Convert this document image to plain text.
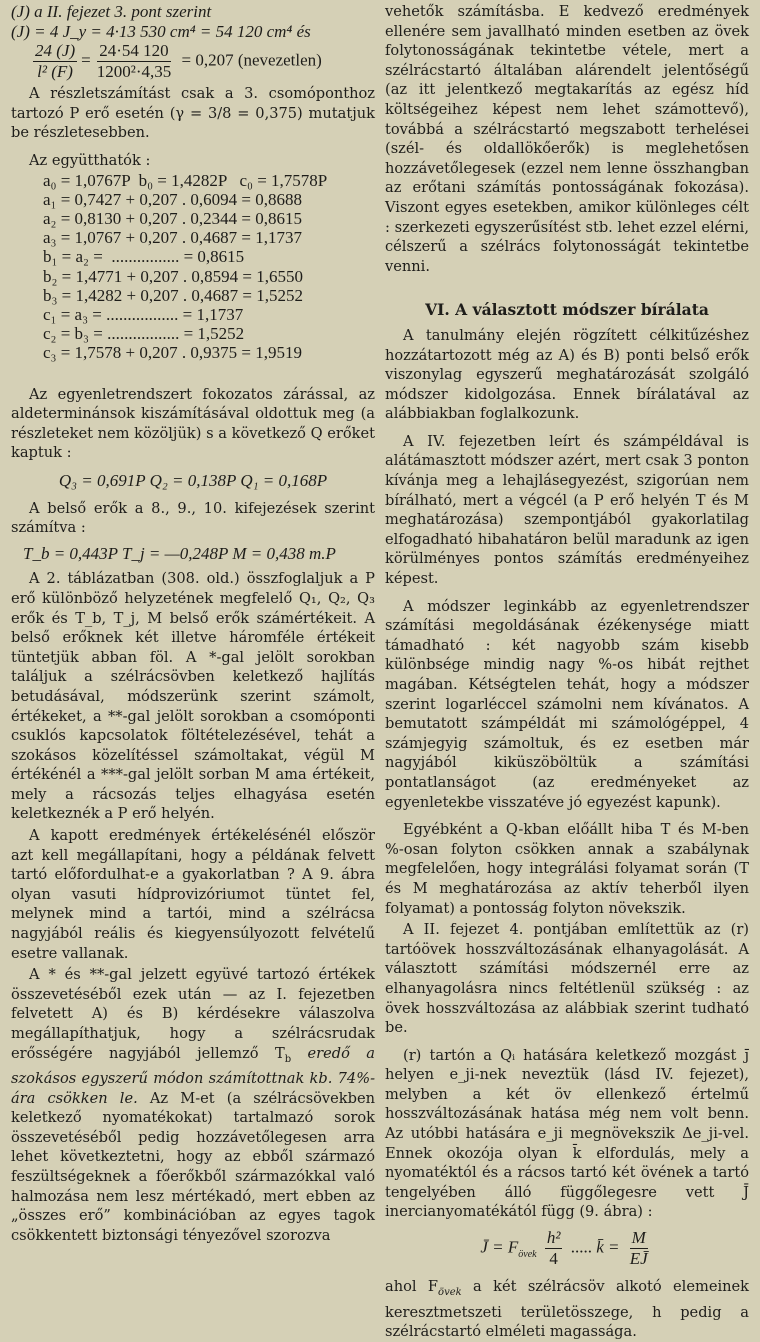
(J) a II. fejezet 3. pont szerint

(J) = 4 J_y = 4·13 530 cm⁴ = 54 120 cm⁴ és

$\frac{24 (J)}{\text{l² (F)}} = \frac{24\cdot 54 120}{\text{1200²·4,35}} = 0,207$ (nevezetlen)

A részletszámítást csak a 3. csomóponthoz tartozó P erő esetén (γ = 3/8 = 0,375) mutatjuk be részletesebben.

Az együtthatók :

a₀ = 1,0767P  b₀ = 1,4282P   c₀ = 1,7578P
a₁ = 0,7427 + 0,207 . 0,6094 = 0,8688
a₂ = 0,8130 + 0,207 . 0,2344 = 0,8615
a₃ = 1,0767 + 0,207 . 0,4687 = 1,1737
b₁ = a₂ =  ................ = 0,8615
b₂ = 1,4771 + 0,207 . 0,8594 = 1,6550
b₃ = 1,4282 + 0,207 . 0,4687 = 1,5252
c₁ = a₃ = ................. = 1,1737
c₂ = b₃ = ................. = 1,5252
c₃ = 1,7578 + 0,207 . 0,9375 = 1,9519

Az egyenletrendszert fokozatos zárással, az aldeterminánsok kiszámításával oldottuk meg (a részleteket nem közöljük) s a következő Q erőket kaptuk :

Q₃ = 0,691P Q₂ = 0,138P Q₁ = 0,168P

A belső erők a 8., 9., 10. kifejezések szerint számítva :

T_b = 0,443P T_j = —0,248P M = 0,438 m.P

A 2. táblázatban (308. old.) összfoglaljuk a P erő különböző helyzetének megfelelő Q₁, Q₂, Q₃ erők és T_b, T_j, M belső erők számértékeit. A belső erőknek két illetve háromféle értékeit tüntetjük abban föl. A *-gal jelölt sorokban találjuk a szélrácsövben keletkező hajlítás betudásával, módszerünk szerint számolt, értékeket, a **-gal jelölt sorokban a csomóponti csuklós kapcsolatok föltételezésével, tehát a szokásos közelítéssel számoltakat, végül M értékénél a ***-gal jelölt sorban M ama értékeit, mely a rácsozás teljes elhagyása esetén keletkeznék a P erő helyén.

A kapott eredmények értékelésénél először azt kell megállapítani, hogy a példának felvett tartó előfordulhat-e a gyakorlatban ? A 9. ábra olyan vasuti hídprovizóriumot tüntet fel, melynek mind a tartói, mind a szélrácsa nagyjából reális és kiegyensúlyozott felvételű esetre vallanak.

A * és **-gal jelzett együvé tartozó értékek összevetéséből ezek után — az I. fejezetben felvetett A) és B) kérdésekre válaszolva megállapíthatjuk, hogy a szélrácsrudak erősségére nagyjából jellemző $T_b$ eredő a szokásos egyszerű módon számítottnak kb. 74%-ára csökken le. Az M-et (a szélrácsövekben keletkező nyomatékokat) tartalmazó sorok összevetéséből pedig hozzávetőlegesen arra lehet következtetni, hogy az ebből származó feszültségeknek a főerőkből származókkal való halmozása nem lesz mértékadó, mert ebben az „összes erő” kombinációban az egyes tagok csökkentett biztonsági tényezővel szorozva

vehetők számításba. E kedvező eredmények ellenére sem javallható minden esetben az övek folytonosságának tekintetbe vétele, mert a szélrácstartó általában alárendelt jelentőségű (az itt jelentkező megtakarítás az egész híd költségeihez képest nem lehet számottevő), továbbá a szélrácstartó megszabott terhelései (szél- és oldallökőerők) is meglehetősen hozzávetőlegesek (ezzel nem lenne összhangban az erőtani számítás pontosságának fokozása). Viszont egyes esetekben, amikor különleges célt : szerkezeti egyszerűsítést stb. lehet ezzel elérni, célszerű a szélrács folytonosságát tekintetbe venni.

VI. A választott módszer bírálata

A tanulmány elején rögzített célkitűzéshez hozzátartozott még az A) és B) ponti belső erők viszonylag egyszerű meghatározását szolgáló módszer kidolgozása. Ennek bírálatával az alábbiakban foglalkozunk.

A IV. fejezetben leírt és számpéldával is alátámasztott módszer azért, mert csak 3 ponton kívánja meg a lehajlásegyezést, szigorúan nem bírálható, mert a végcél (a P erő helyén T és M meghatározása) szempontjából gyakorlatilag elfogadható hibahatáron belül maradunk az igen körülményes pontos számítás eredményeihez képest.

A módszer leginkább az egyenletrendszer számítási megoldásának ézékenysége miatt támadható : két nagyobb szám kisebb különbsége mindig nagy %-os hibát rejthet magában. Kétségtelen tehát, hogy a módszer szerint logarléccel számolni nem kívánatos. A bemutatott számpéldát mi számológéppel, 4 számjegyig számoltuk, és ez esetben már nagyjából kiküszöböltük a számítási pontatlanságot (az eredményeket az egyenletekbe visszatéve jó egyezést kapunk).

Egyébként a Q-kban előállt hiba T és M-ben %-osan folyton csökken annak a szabálynak megfelelően, hogy integrálási folyamat során (T és M meghatározása az aktív teherből ilyen folyamat) a pontosság folyton növekszik.

A II. fejezet 4. pontjában említettük az (r) tartóövek hosszváltozásának elhanyagolását. A választott számítási módszernél erre az elhanyagolásra nincs feltétlenül szükség : az övek hosszváltozása az alábbiak szerint tudható be.

(r) tartón a Qᵢ hatására keletkező mozgást j̄ helyen e_ji-nek neveztük (lásd IV. fejezet), melyben a két öv ellenkező értelmű hosszváltozásának hatása még nem volt benn. Az utóbbi hatására e_ji megnövekszik Δe_ji-vel. Ennek okozója olyan k̄ elfordulás, mely a nyomatéktól és a rácsos tartó két övének a tartó tengelyében álló függőlegesre vett J̄ inercianyomatékától függ (9. ábra) :

J̄ = $F_{övek} \frac{\text{h²}}{4}$ ..... k̄ = $\frac{M}{EJ̄}$

ahol $F_{övek}$ a két szélrácsöv alkotó elemeinek keresztmetszeti területösszege, h pedig a szélrácstartó elméleti magassága.
